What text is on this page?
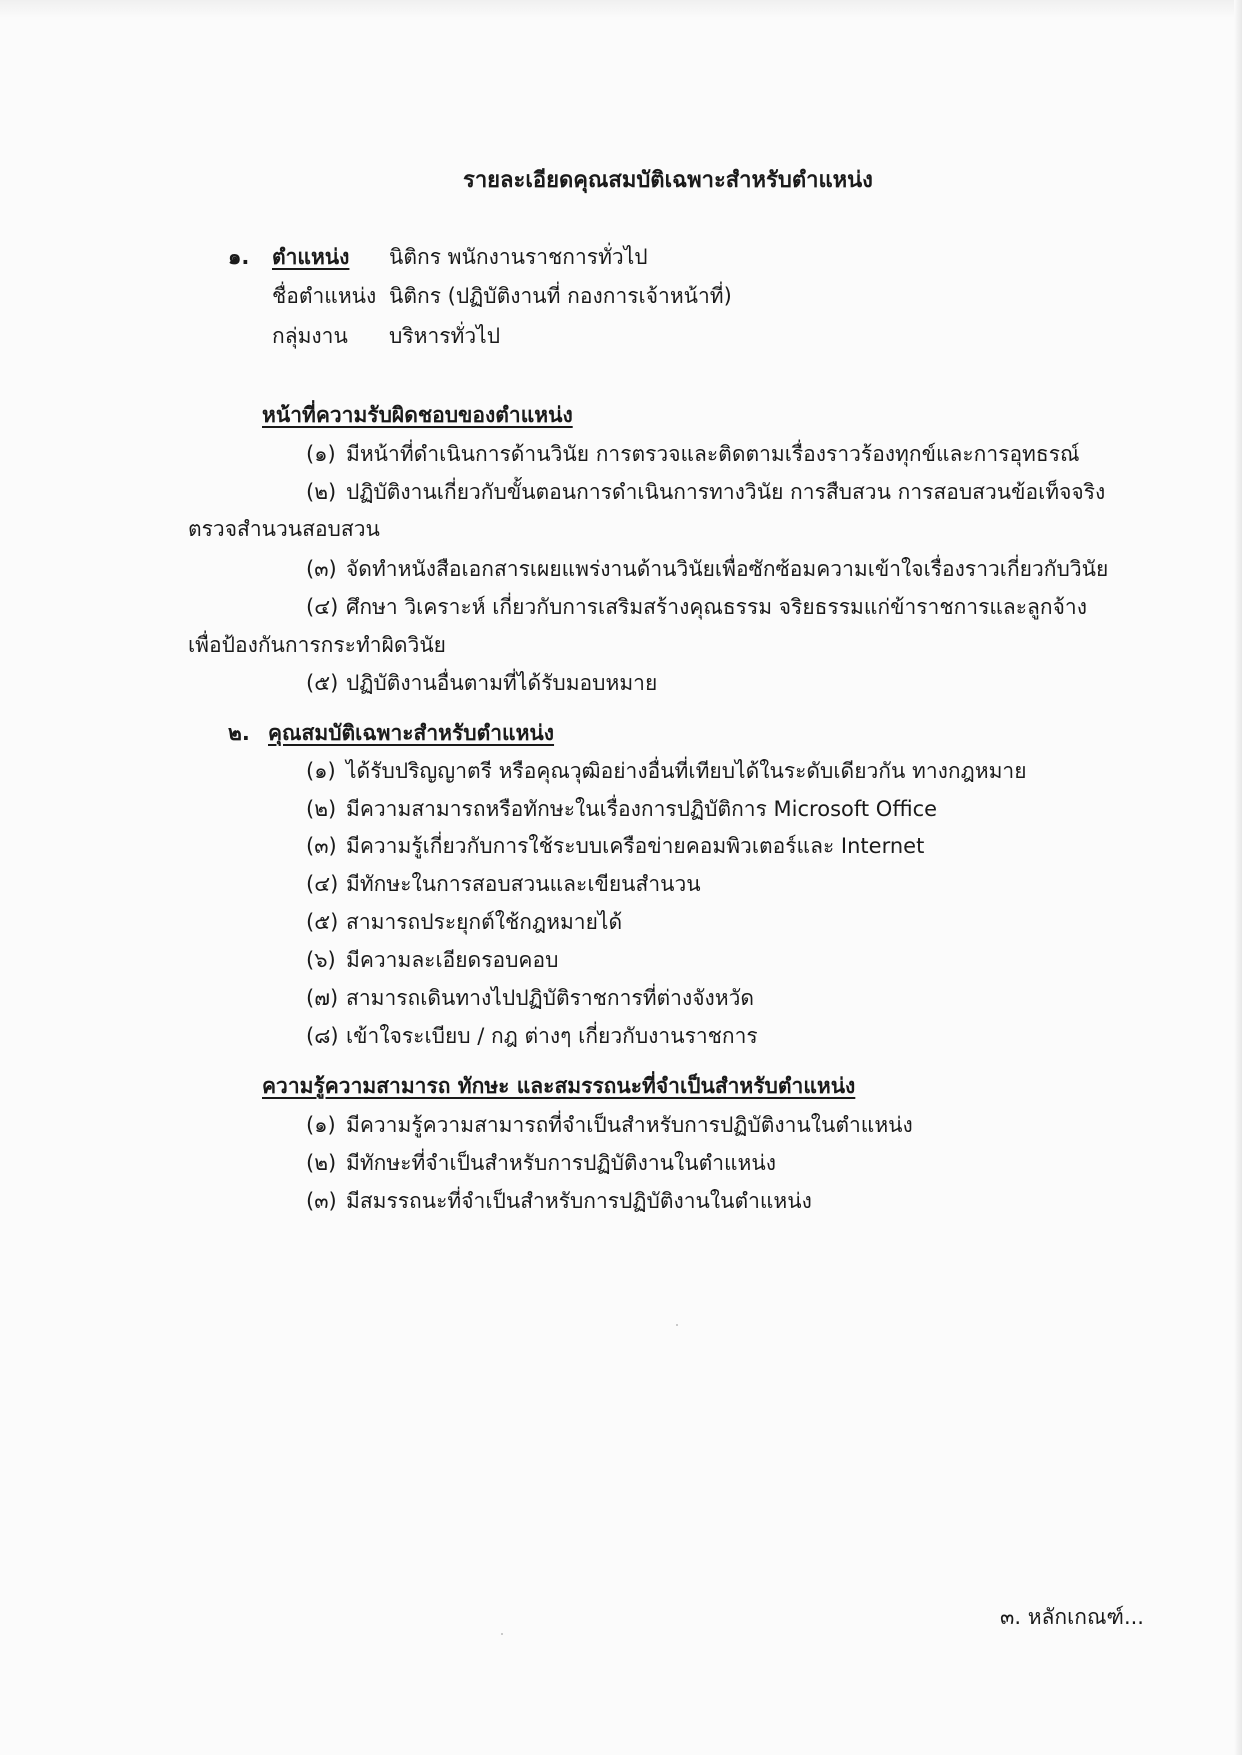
รายละเอียดคุณสมบัติเฉพาะสำหรับตำแหน่ง
๑. ตำแหน่ง นิติกร พนักงานราชการทั่วไป
ชื่อตำแหน่ง นิติกร (ปฏิบัติงานที่ กองการเจ้าหน้าที่)
กลุ่มงาน บริหารทั่วไป
หน้าที่ความรับผิดชอบของตำแหน่ง
(๑) มีหน้าที่ดำเนินการด้านวินัย การตรวจและติดตามเรื่องราวร้องทุกข์และการอุทธรณ์
(๒) ปฏิบัติงานเกี่ยวกับขั้นตอนการดำเนินการทางวินัย การสืบสวน การสอบสวนข้อเท็จจริง
ตรวจสำนวนสอบสวน
(๓) จัดทำหนังสือเอกสารเผยแพร่งานด้านวินัยเพื่อซักซ้อมความเข้าใจเรื่องราวเกี่ยวกับวินัย
(๔) ศึกษา วิเคราะห์ เกี่ยวกับการเสริมสร้างคุณธรรม จริยธรรมแก่ข้าราชการและลูกจ้าง
เพื่อป้องกันการกระทำผิดวินัย
(๕) ปฏิบัติงานอื่นตามที่ได้รับมอบหมาย
๒. คุณสมบัติเฉพาะสำหรับตำแหน่ง
(๑) ได้รับปริญญาตรี หรือคุณวุฒิอย่างอื่นที่เทียบได้ในระดับเดียวกัน ทางกฎหมาย
(๒) มีความสามารถหรือทักษะในเรื่องการปฏิบัติการ Microsoft Office
(๓) มีความรู้เกี่ยวกับการใช้ระบบเครือข่ายคอมพิวเตอร์และ Internet
(๔) มีทักษะในการสอบสวนและเขียนสำนวน
(๕) สามารถประยุกต์ใช้กฎหมายได้
(๖) มีความละเอียดรอบคอบ
(๗) สามารถเดินทางไปปฏิบัติราชการที่ต่างจังหวัด
(๘) เข้าใจระเบียบ / กฎ ต่างๆ เกี่ยวกับงานราชการ
ความรู้ความสามารถ ทักษะ และสมรรถนะที่จำเป็นสำหรับตำแหน่ง
(๑) มีความรู้ความสามารถที่จำเป็นสำหรับการปฏิบัติงานในตำแหน่ง
(๒) มีทักษะที่จำเป็นสำหรับการปฏิบัติงานในตำแหน่ง
(๓) มีสมรรถนะที่จำเป็นสำหรับการปฏิบัติงานในตำแหน่ง
๓. หลักเกณฑ์...
